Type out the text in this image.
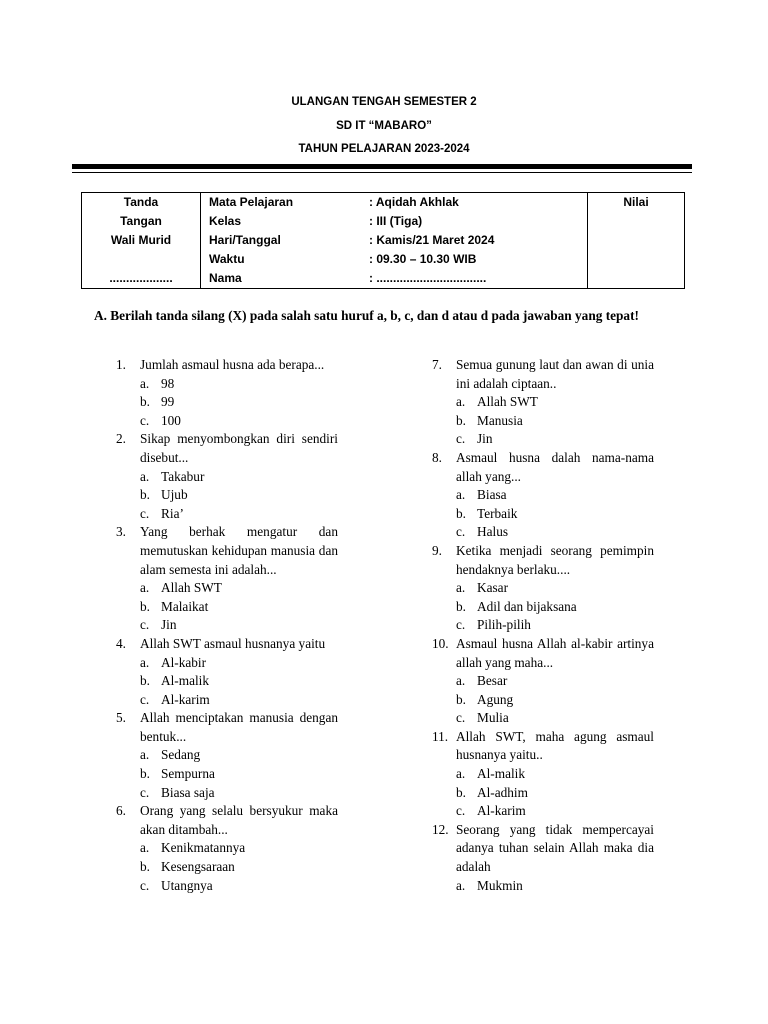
ULANGAN TENGAH SEMESTER 2
SD IT “MABARO”
TAHUN PELAJARAN 2023-2024
Tanda
Tangan
Wali Murid
...................

Mata Pelajaran	: Aqidah Akhlak
Kelas	: III (Tiga)
Hari/Tanggal	: Kamis/21 Maret 2024
Waktu	: 09.30 – 10.30 WIB
Nama	: .................................

Nilai
A. Berilah tanda silang (X) pada salah satu huruf a, b, c, dan d atau d pada jawaban yang tepat!
1. Jumlah asmaul husna ada berapa...
a. 98
b. 99
c. 100
2. Sikap menyombongkan diri sendiri disebut...
a. Takabur
b. Ujub
c. Ria’
3. Yang berhak mengatur dan memutuskan kehidupan manusia dan alam semesta ini adalah...
a. Allah SWT
b. Malaikat
c. Jin
4. Allah SWT asmaul husnanya yaitu
a. Al-kabir
b. Al-malik
c. Al-karim
5. Allah menciptakan manusia dengan bentuk...
a. Sedang
b. Sempurna
c. Biasa saja
6. Orang yang selalu bersyukur maka akan ditambah...
a. Kenikmatannya
b. Kesengsaraan
c. Utangnya
7. Semua gunung laut dan awan di unia ini adalah ciptaan..
a. Allah SWT
b. Manusia
c. Jin
8. Asmaul husna dalah nama-nama allah yang...
a. Biasa
b. Terbaik
c. Halus
9. Ketika menjadi seorang pemimpin hendaknya berlaku....
a. Kasar
b. Adil dan bijaksana
c. Pilih-pilih
10. Asmaul husna Allah al-kabir artinya allah yang maha...
a. Besar
b. Agung
c. Mulia
11. Allah SWT, maha agung asmaul husnanya yaitu..
a. Al-malik
b. Al-adhim
c. Al-karim
12. Seorang yang tidak mempercayai adanya tuhan selain Allah maka dia adalah
a. Mukmin
